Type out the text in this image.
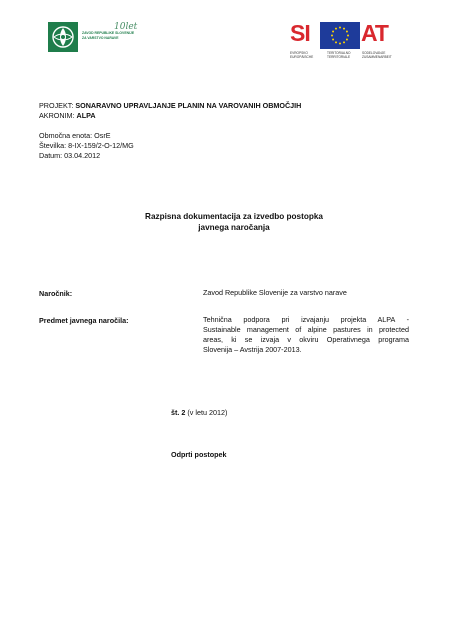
ZAVOD REPUBLIKE SLOVENIJE
ZA VARSTVO NARAVE
10let	SI AT
EVROPSKO
EUROPÄISCHE
TERITORIALNO
TERRITORIALE
SODELOVANJE
ZUSAMMENARBEIT
PROJEKT: SONARAVNO UPRAVLJANJE PLANIN NA VAROVANIH OBMOČJIH
AKRONIM: ALPA
Območna enota: OsrE
Številka: 8-IX-159/2-O-12/MG
Datum: 03.04.2012
Razpisna dokumentacija za izvedbo postopka
javnega naročanja
Naročnik:	Zavod Republike Slovenije za varstvo narave
Predmet javnega naročila:	Tehnična podpora pri izvajanju projekta ALPA -
Sustainable management of alpine pastures in protected
areas, ki se izvaja v okviru Operativnega programa
Slovenija – Avstrija 2007-2013.
št. 2 (v letu 2012)
Odprti postopek
